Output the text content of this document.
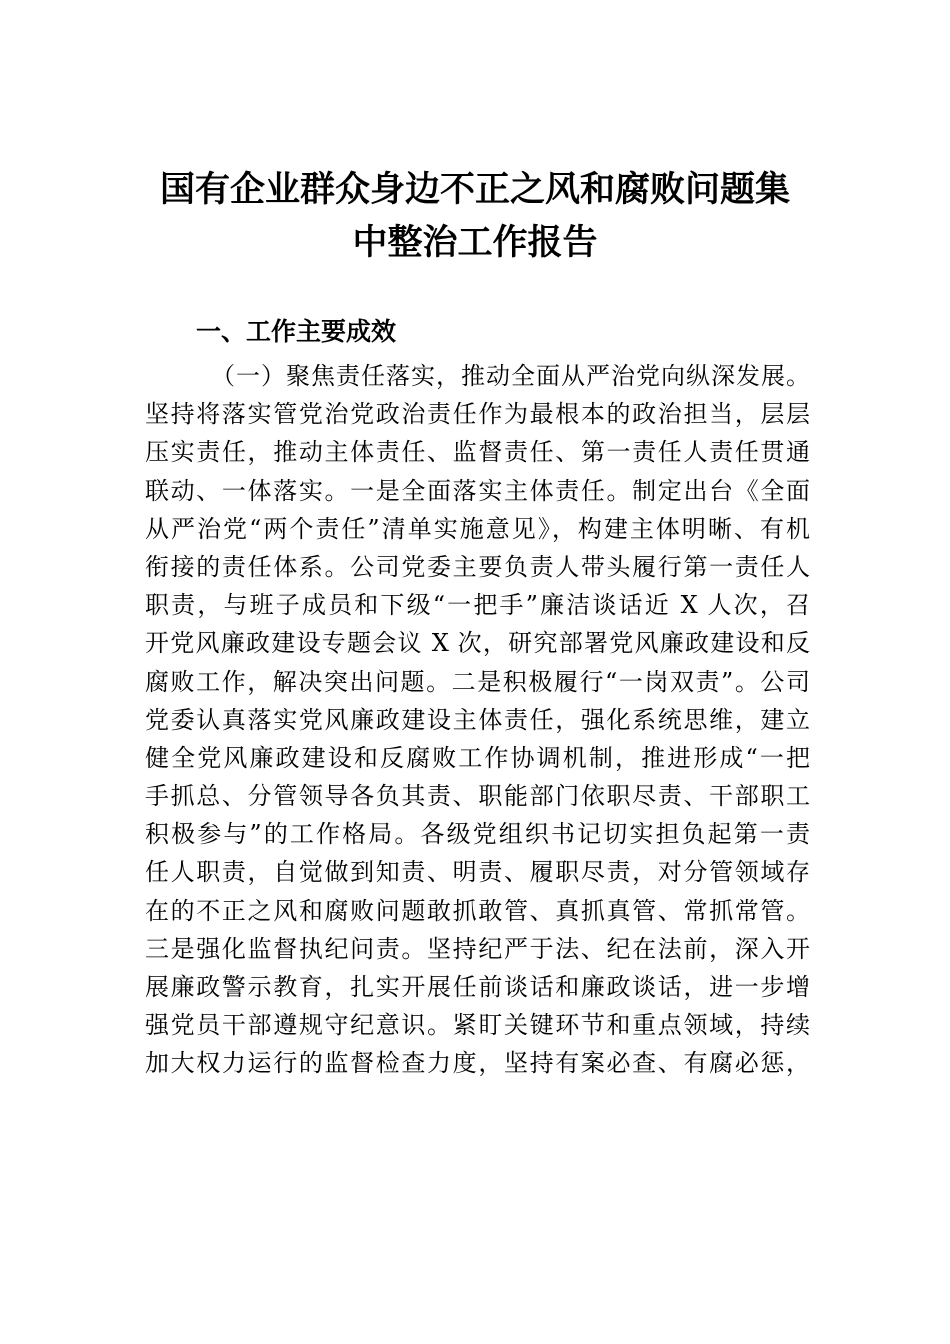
国有企业群众身边不正之风和腐败问题集
中整治工作报告
一、工作主要成效
（一）聚焦责任落实，推动全面从严治党向纵深发展。
坚持将落实管党治党政治责任作为最根本的政治担当，层层
压实责任，推动主体责任、监督责任、第一责任人责任贯通
联动、一体落实。一是全面落实主体责任。制定出台《全面
从严治党“两个责任”清单实施意见》，构建主体明晰、有机
衔接的责任体系。公司党委主要负责人带头履行第一责任人
职责，与班子成员和下级“一把手”廉洁谈话近 X 人次，召
开党风廉政建设专题会议 X 次，研究部署党风廉政建设和反
腐败工作，解决突出问题。二是积极履行“一岗双责”。公司
党委认真落实党风廉政建设主体责任，强化系统思维，建立
健全党风廉政建设和反腐败工作协调机制，推进形成“一把
手抓总、分管领导各负其责、职能部门依职尽责、干部职工
积极参与”的工作格局。各级党组织书记切实担负起第一责
任人职责，自觉做到知责、明责、履职尽责，对分管领域存
在的不正之风和腐败问题敢抓敢管、真抓真管、常抓常管。
三是强化监督执纪问责。坚持纪严于法、纪在法前，深入开
展廉政警示教育，扎实开展任前谈话和廉政谈话，进一步增
强党员干部遵规守纪意识。紧盯关键环节和重点领域，持续
加大权力运行的监督检查力度，坚持有案必查、有腐必惩，
